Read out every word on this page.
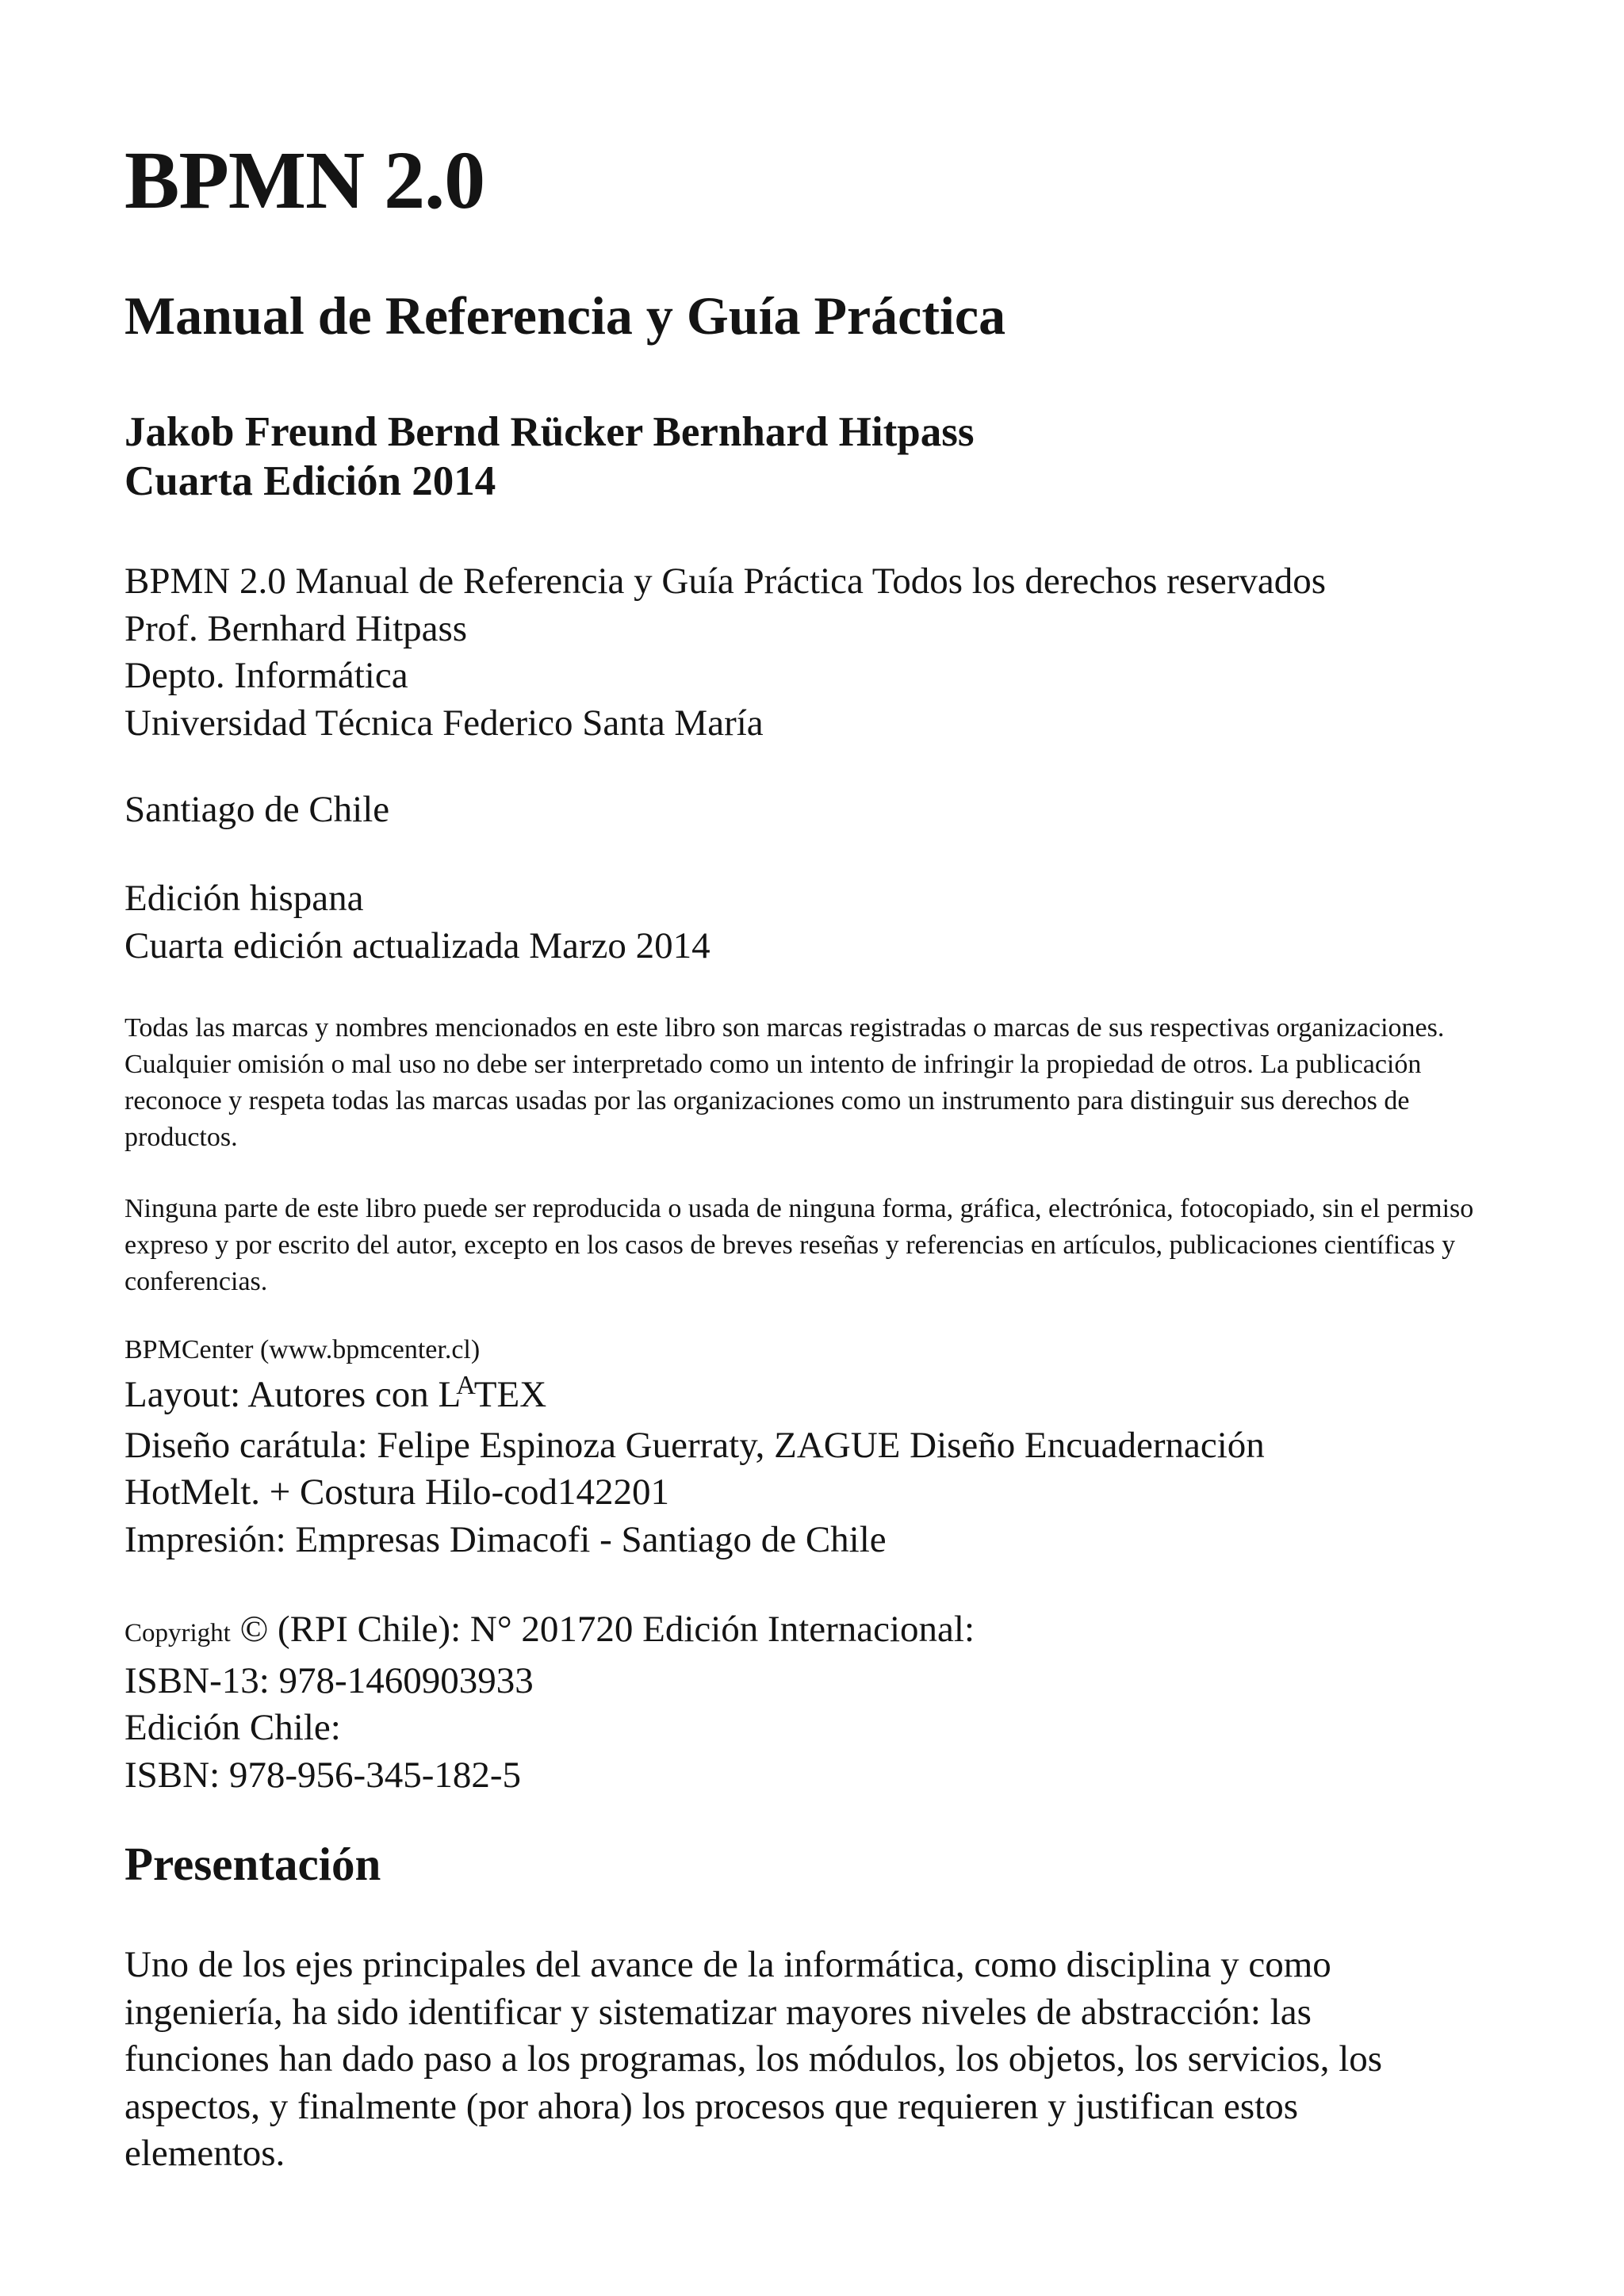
BPMN 2.0
Manual de Referencia y Guía Práctica
Jakob Freund Bernd Rücker Bernhard Hitpass
Cuarta Edición 2014
BPMN 2.0 Manual de Referencia y Guía Práctica Todos los derechos reservados
Prof. Bernhard Hitpass
Depto. Informática
Universidad Técnica Federico Santa María
Santiago de Chile
Edición hispana
Cuarta edición actualizada Marzo 2014

Todas las marcas y nombres mencionados en este libro son marcas registradas o marcas de sus respectivas organizaciones. Cualquier omisión o mal uso no debe ser interpretado como un intento de infringir la propiedad de otros. La publicación reconoce y respeta todas las marcas usadas por las organizaciones como un instrumento para distinguir sus derechos de productos.

Ninguna parte de este libro puede ser reproducida o usada de ninguna forma, gráfica, electrónica, fotocopiado, sin el permiso expreso y por escrito del autor, excepto en los casos de breves reseñas y referencias en artículos, publicaciones científicas y conferencias.

BPMCenter (www.bpmcenter.cl)
Layout: Autores con $L^ATEX$
Diseño carátula: Felipe Espinoza Guerraty, ZAGUE Diseño Encuadernación
HotMelt. + Costura Hilo-cod142201
Impresión: Empresas Dimacofi - Santiago de Chile
Copyright © (RPI Chile): N° 201720 Edición Internacional:
ISBN-13: 978-1460903933
Edición Chile:
ISBN: 978-956-345-182-5
Presentación
Uno de los ejes principales del avance de la informática, como disciplina y como
ingeniería, ha sido identificar y sistematizar mayores niveles de abstracción: las
funciones han dado paso a los programas, los módulos, los objetos, los servicios, los
aspectos, y finalmente (por ahora) los procesos que requieren y justifican estos
elementos.
